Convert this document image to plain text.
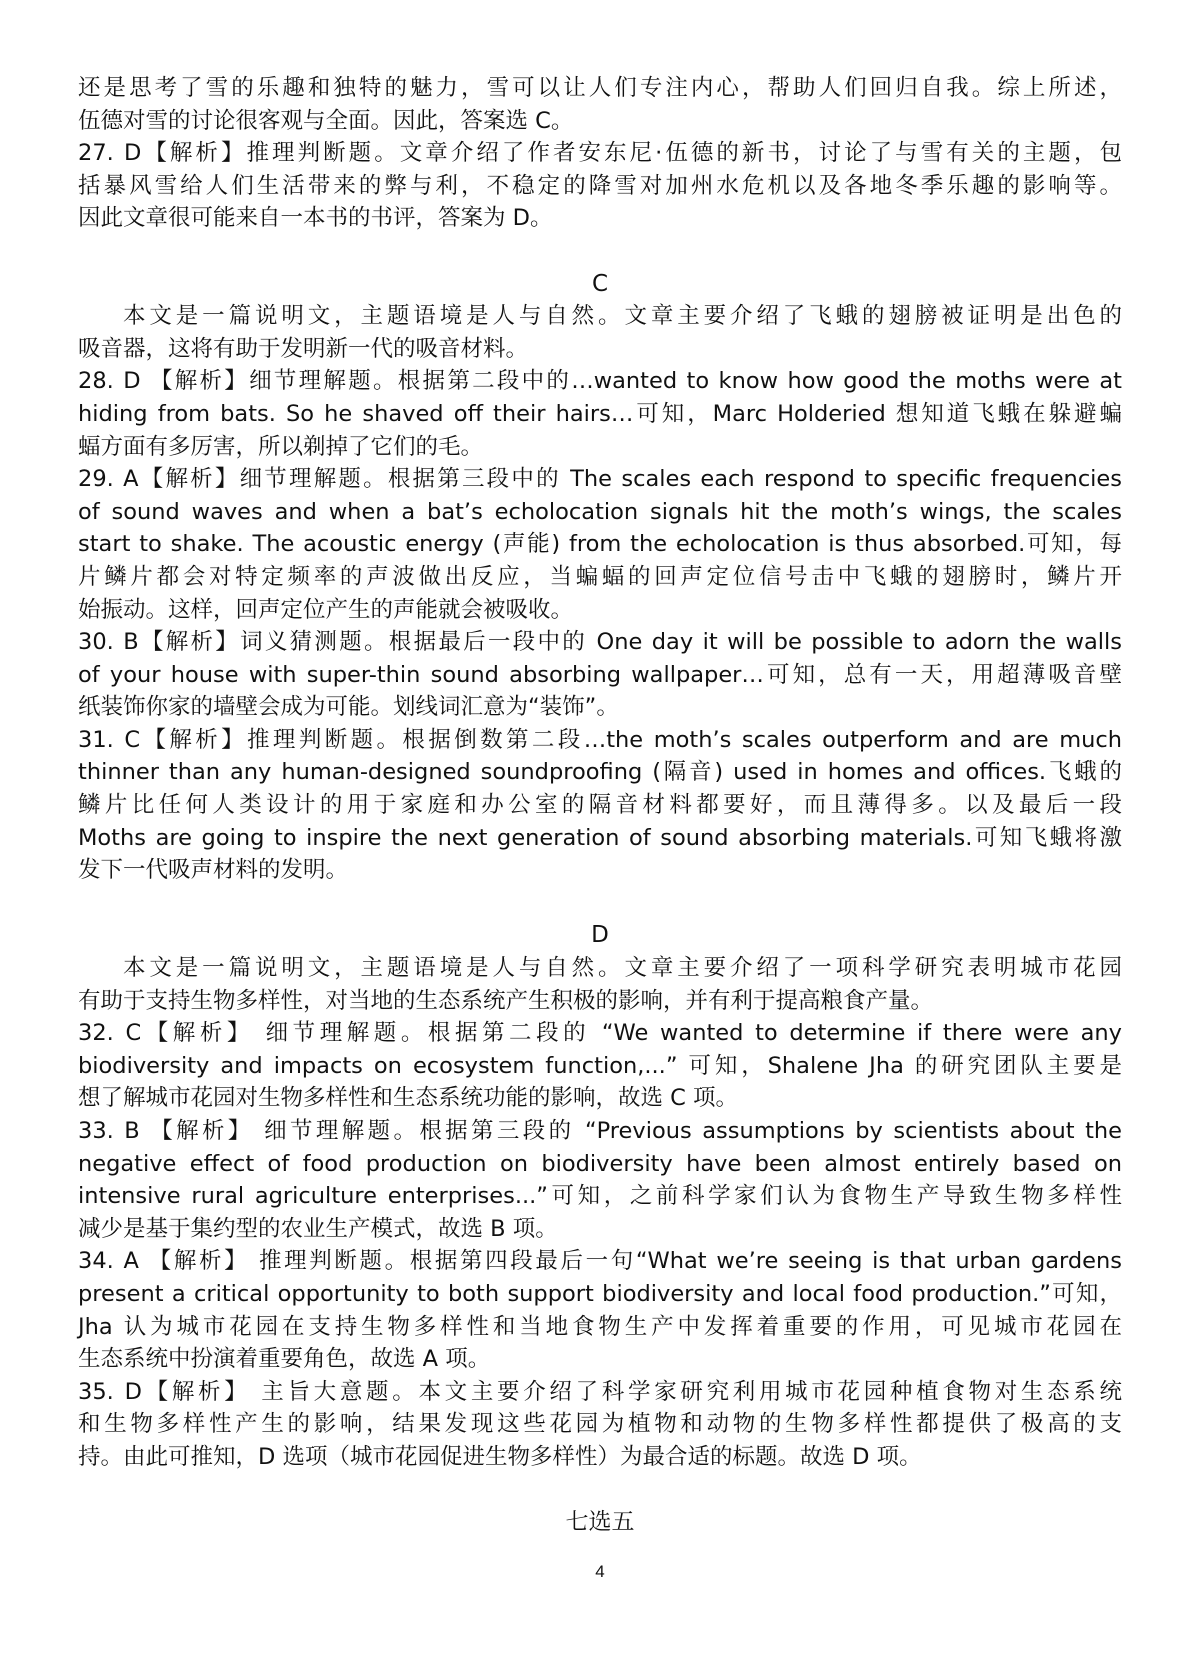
还是思考了雪的乐趣和独特的魅力，雪可以让人们专注内心，帮助人们回归自我。综上所述，
伍德对雪的讨论很客观与全面。因此，答案选 C。
27. D【解析】推理判断题。文章介绍了作者安东尼·伍德的新书，讨论了与雪有关的主题，包
括暴风雪给人们生活带来的弊与利，不稳定的降雪对加州水危机以及各地冬季乐趣的影响等。
因此文章很可能来自一本书的书评，答案为 D。
C
本文是一篇说明文，主题语境是人与自然。文章主要介绍了飞蛾的翅膀被证明是出色的
吸音器，这将有助于发明新一代的吸音材料。
28. D 【解析】细节理解题。根据第二段中的…wanted to know how good the moths were at
hiding from bats. So he shaved off their hairs…可知，Marc Holderied 想知道飞蛾在躲避蝙
蝠方面有多厉害，所以剃掉了它们的毛。
29. A【解析】细节理解题。根据第三段中的 The scales each respond to specific frequencies
of sound waves and when a bat’s echolocation signals hit the moth’s wings, the scales
start to shake. The acoustic energy (声能) from the echolocation is thus absorbed.可知，每
片鳞片都会对特定频率的声波做出反应，当蝙蝠的回声定位信号击中飞蛾的翅膀时，鳞片开
始振动。这样，回声定位产生的声能就会被吸收。
30. B【解析】词义猜测题。根据最后一段中的 One day it will be possible to adorn the walls
of your house with super-thin sound absorbing wallpaper…可知，总有一天，用超薄吸音壁
纸装饰你家的墙壁会成为可能。划线词汇意为“装饰”。
31. C【解析】推理判断题。根据倒数第二段…the moth’s scales outperform and are much
thinner than any human-designed soundproofing (隔音) used in homes and offices.飞蛾的
鳞片比任何人类设计的用于家庭和办公室的隔音材料都要好，而且薄得多。以及最后一段
Moths are going to inspire the next generation of sound absorbing materials.可知飞蛾将激
发下一代吸声材料的发明。
D
本文是一篇说明文，主题语境是人与自然。文章主要介绍了一项科学研究表明城市花园
有助于支持生物多样性，对当地的生态系统产生积极的影响，并有利于提高粮食产量。
32. C【解析】 细节理解题。根据第二段的 “We wanted to determine if there were any
biodiversity and impacts on ecosystem function,...” 可知，Shalene Jha 的研究团队主要是
想了解城市花园对生物多样性和生态系统功能的影响，故选 C 项。
33. B 【解析】 细节理解题。根据第三段的 “Previous assumptions by scientists about the
negative effect of food production on biodiversity have been almost entirely based on
intensive rural agriculture enterprises...”可知，之前科学家们认为食物生产导致生物多样性
减少是基于集约型的农业生产模式，故选 B 项。
34. A 【解析】 推理判断题。根据第四段最后一句“What we’re seeing is that urban gardens
present a critical opportunity to both support biodiversity and local food production.”可知，
Jha 认为城市花园在支持生物多样性和当地食物生产中发挥着重要的作用，可见城市花园在
生态系统中扮演着重要角色，故选 A 项。
35. D【解析】 主旨大意题。本文主要介绍了科学家研究利用城市花园种植食物对生态系统
和生物多样性产生的影响，结果发现这些花园为植物和动物的生物多样性都提供了极高的支
持。由此可推知，D 选项（城市花园促进生物多样性）为最合适的标题。故选 D 项。
七选五
4
